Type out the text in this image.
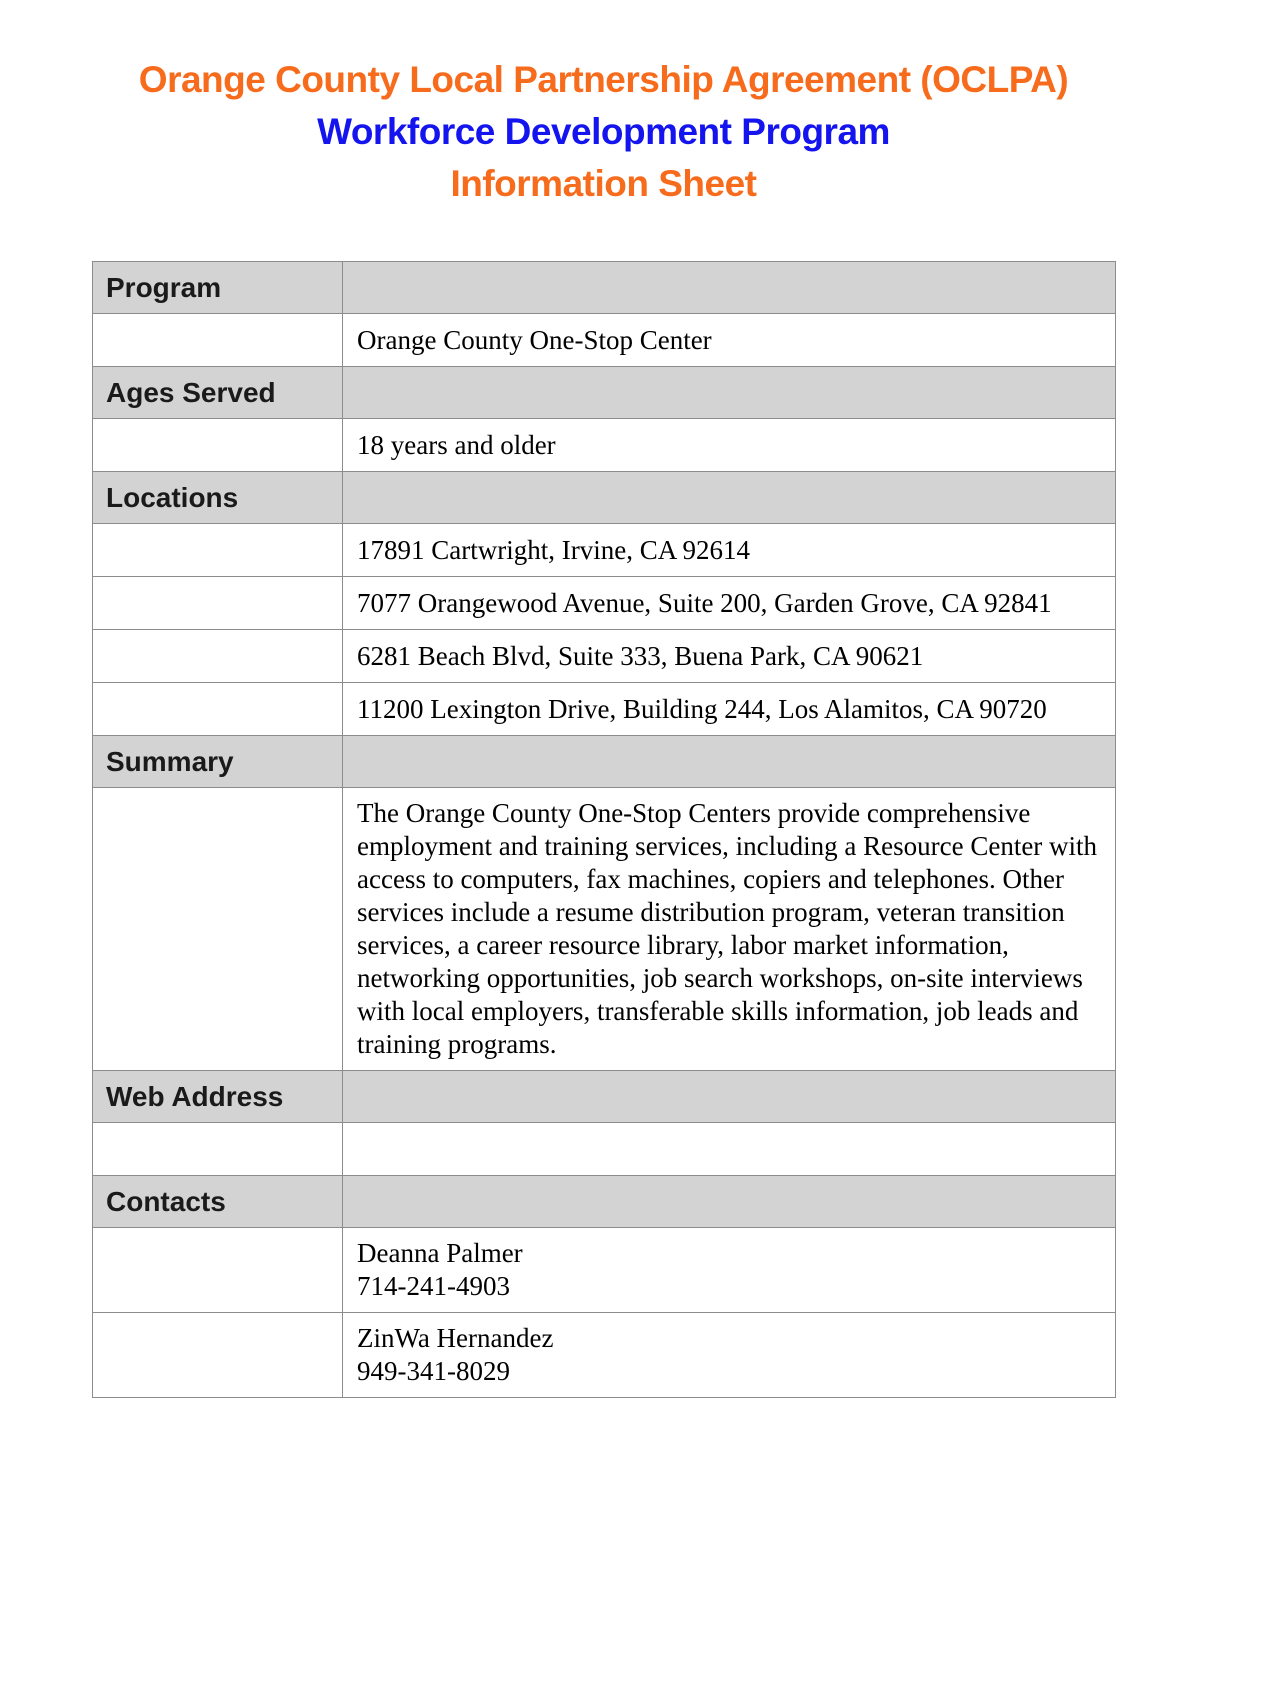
Orange County Local Partnership Agreement (OCLPA)
Workforce Development Program
Information Sheet
Program	

	Orange County One-Stop Center

Ages Served	

	18 years and older

Locations	

	17891 Cartwright, Irvine, CA 92614

	7077 Orangewood Avenue, Suite 200, Garden Grove, CA 92841

	6281 Beach Blvd, Suite 333, Buena Park, CA 90621

	11200 Lexington Drive, Building 244, Los Alamitos, CA 90720

Summary	

	The Orange County One-Stop Centers provide comprehensive employment and training services, including a Resource Center with access to computers, fax machines, copiers and telephones. Other services include a resume distribution program, veteran transition services, a career resource library, labor market information, networking opportunities, job search workshops, on-site interviews with local employers, transferable skills information, job leads and training programs.

Web Address	

Contacts	

	Deanna Palmer
714-241-4903

	ZinWa Hernandez
949-341-8029
